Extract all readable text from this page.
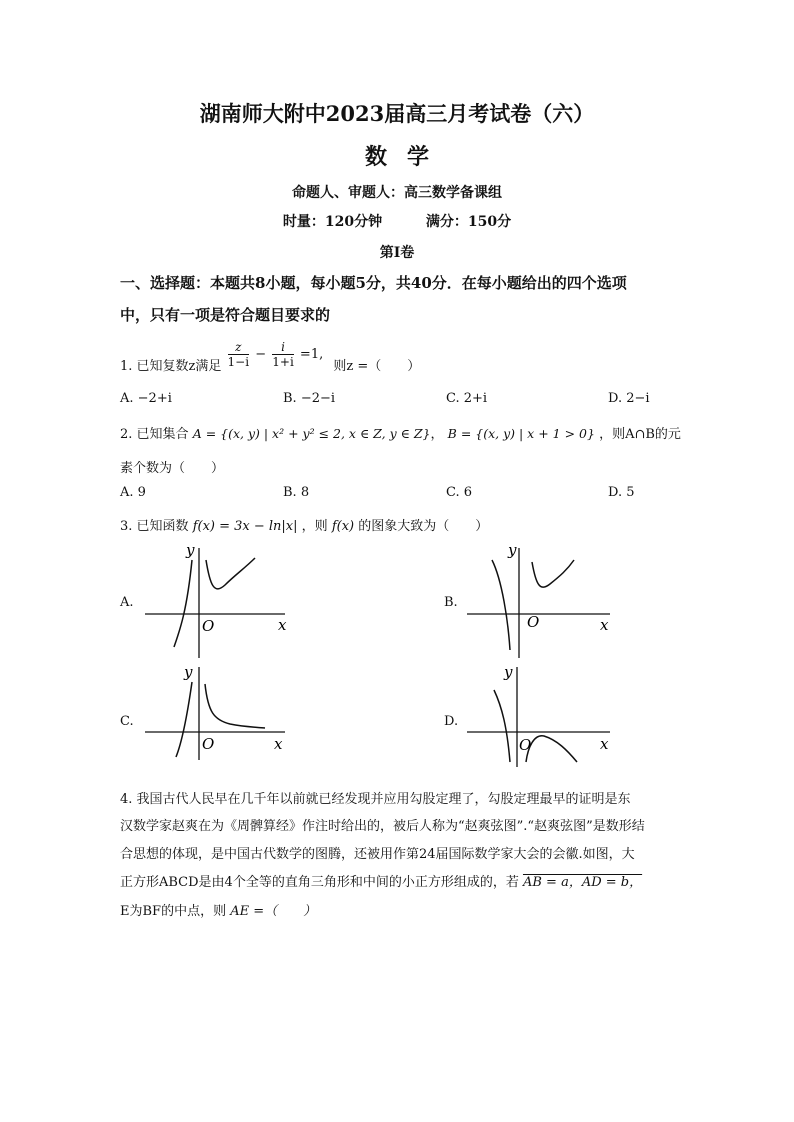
湖南师大附中2023届高三月考试卷（六）
数学
命题人、审题人：高三数学备课组
时量：120分钟	满分：150分
第Ⅰ卷
一、选择题：本题共8小题，每小题5分，共40分．在每小题给出的四个选项
中，只有一项是符合题目要求的
1. 已知复数z满足 $\frac{z}{1-i} - \frac{i}{1+i} =1$, 则z =（　　）
A. −2+i	B. −2−i	C. 2+i	D. 2−i
2. 已知集合 A = {(x, y) | x² + y² ≤ 2, x ∈ Z, y ∈ Z}， B = {(x, y) | x + 1 > 0} ，则A∩B的元
素个数为（　　）
A. 9	B. 8	C. 6	D. 5
3. 已知函数 f(x) = 3x − ln|x| ，则 f(x) 的图象大致为（　　）
A.	B.
C.	D.
y
x
O
y
x
O
y
x
O
y
x
O
4. 我国古代人民早在几千年以前就已经发现并应用勾股定理了，勾股定理最早的证明是东
汉数学家赵爽在为《周髀算经》作注时给出的，被后人称为“赵爽弦图”.“赵爽弦图”是数形结
合思想的体现，是中国古代数学的图腾，还被用作第24届国际数学家大会的会徽.如图，大
正方形ABCD是由4个全等的直角三角形和中间的小正方形组成的，若 AB = a，AD = b，
E为BF的中点，则 AE =（　　）
